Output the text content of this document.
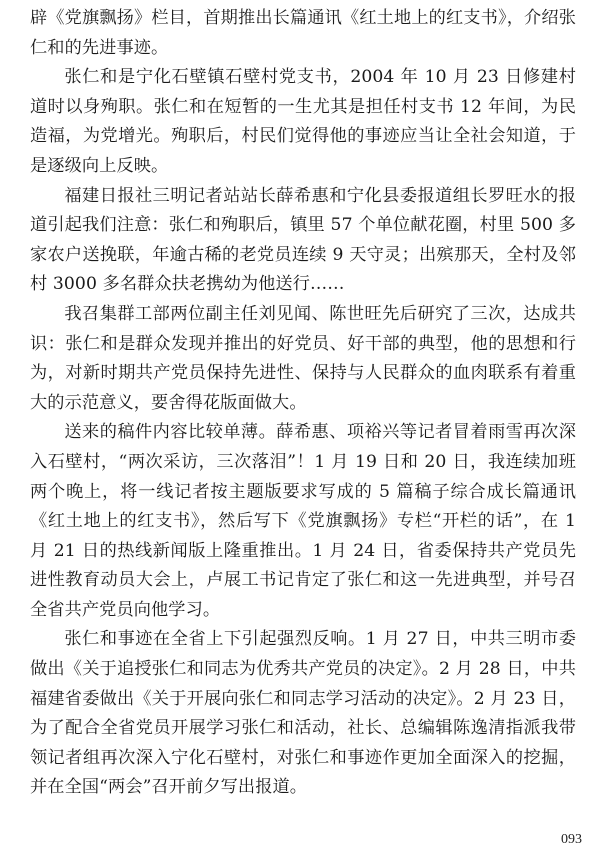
辟《党旗飘扬》栏目，首期推出长篇通讯《红土地上的红支书》，介绍张仁和的先进事迹。

张仁和是宁化石壁镇石壁村党支书，2004 年 10 月 23 日修建村道时以身殉职。张仁和在短暂的一生尤其是担任村支书 12 年间，为民造福，为党增光。殉职后，村民们觉得他的事迹应当让全社会知道，于是逐级向上反映。

福建日报社三明记者站站长薛希惠和宁化县委报道组长罗旺水的报道引起我们注意：张仁和殉职后，镇里 57 个单位献花圈，村里 500 多家农户送挽联，年逾古稀的老党员连续 9 天守灵；出殡那天，全村及邻村 3000 多名群众扶老携幼为他送行……

我召集群工部两位副主任刘见闻、陈世旺先后研究了三次，达成共识：张仁和是群众发现并推出的好党员、好干部的典型，他的思想和行为，对新时期共产党员保持先进性、保持与人民群众的血肉联系有着重大的示范意义，要舍得花版面做大。

送来的稿件内容比较单薄。薛希惠、项裕兴等记者冒着雨雪再次深入石壁村，“两次采访，三次落泪”！1 月 19 日和 20 日，我连续加班两个晚上，将一线记者按主题版要求写成的 5 篇稿子综合成长篇通讯《红土地上的红支书》，然后写下《党旗飘扬》专栏“开栏的话”，在 1 月 21 日的热线新闻版上隆重推出。1 月 24 日，省委保持共产党员先进性教育动员大会上，卢展工书记肯定了张仁和这一先进典型，并号召全省共产党员向他学习。

张仁和事迹在全省上下引起强烈反响。1 月 27 日，中共三明市委做出《关于追授张仁和同志为优秀共产党员的决定》。2 月 28 日，中共福建省委做出《关于开展向张仁和同志学习活动的决定》。2 月 23 日，为了配合全省党员开展学习张仁和活动，社长、总编辑陈逸清指派我带领记者组再次深入宁化石壁村，对张仁和事迹作更加全面深入的挖掘，并在全国“两会”召开前夕写出报道。

093
